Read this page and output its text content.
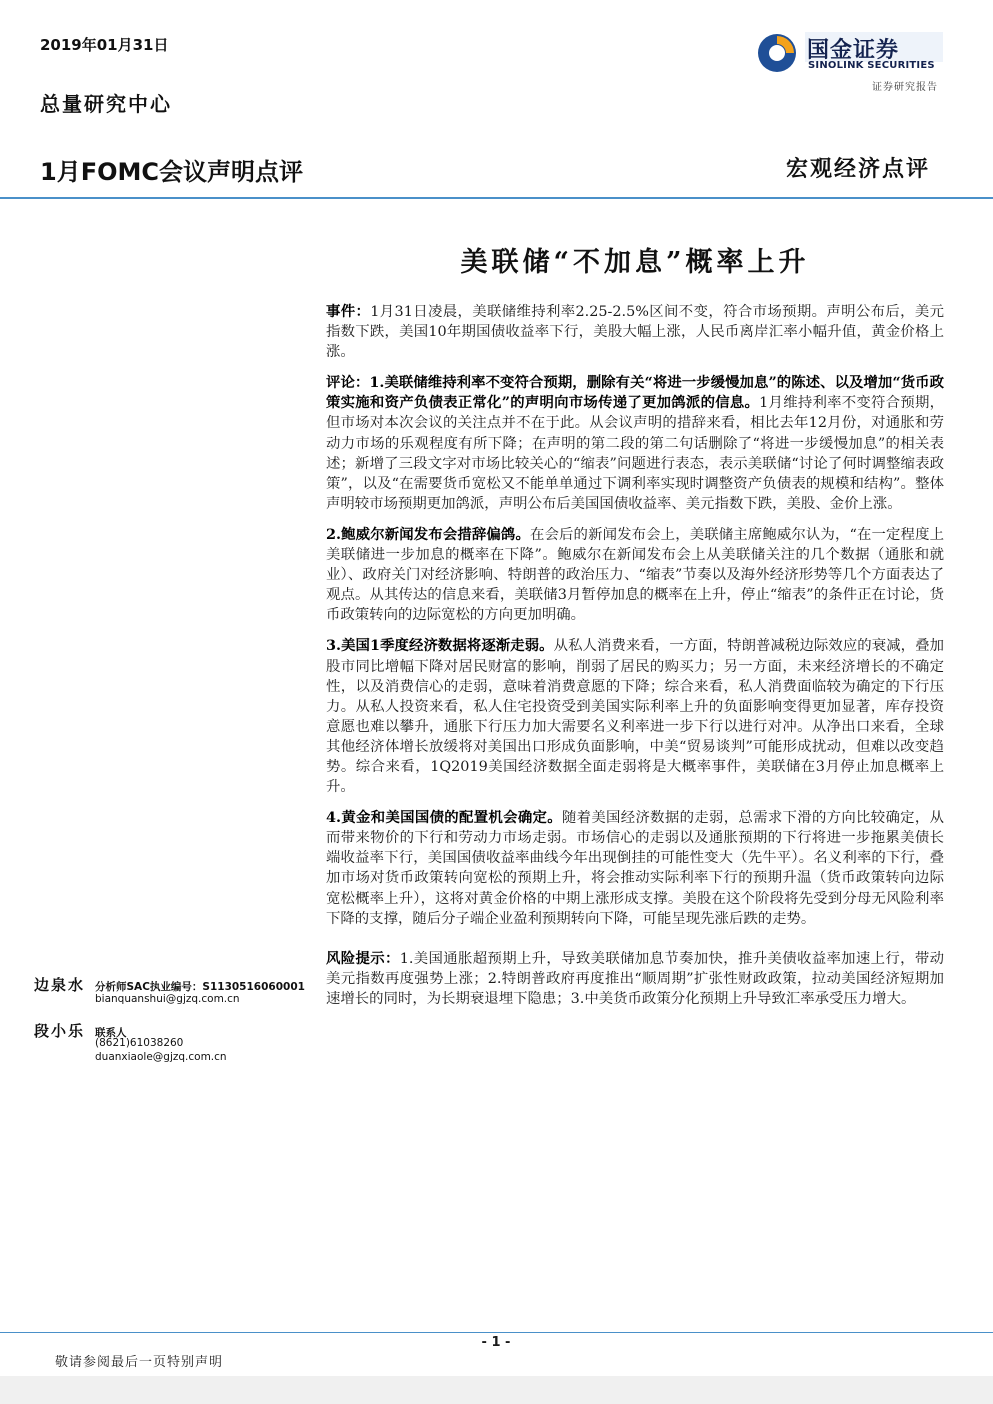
2019年01月31日
总量研究中心
国金证券
SINOLINK SECURITIES
证券研究报告
1月FOMC会议声明点评	宏观经济点评
美联储“不加息”概率上升

事件：1月31日凌晨，美联储维持利率2.25-2.5%区间不变，符合市场预期。声明公布后，美元指数下跌，美国10年期国债收益率下行，美股大幅上涨，人民币离岸汇率小幅升值，黄金价格上涨。

评论：1.美联储维持利率不变符合预期，删除有关“将进一步缓慢加息”的陈述、以及增加“货币政策实施和资产负债表正常化”的声明向市场传递了更加鸽派的信息。1月维持利率不变符合预期，但市场对本次会议的关注点并不在于此。从会议声明的措辞来看，相比去年12月份，对通胀和劳动力市场的乐观程度有所下降；在声明的第二段的第二句话删除了“将进一步缓慢加息”的相关表述；新增了三段文字对市场比较关心的“缩表”问题进行表态，表示美联储“讨论了何时调整缩表政策”，以及“在需要货币宽松又不能单单通过下调利率实现时调整资产负债表的规模和结构”。整体声明较市场预期更加鸽派，声明公布后美国国债收益率、美元指数下跌，美股、金价上涨。

2.鲍威尔新闻发布会措辞偏鸽。在会后的新闻发布会上，美联储主席鲍威尔认为，“在一定程度上美联储进一步加息的概率在下降”。鲍威尔在新闻发布会上从美联储关注的几个数据（通胀和就业）、政府关门对经济影响、特朗普的政治压力、“缩表”节奏以及海外经济形势等几个方面表达了观点。从其传达的信息来看，美联储3月暂停加息的概率在上升，停止“缩表”的条件正在讨论，货币政策转向的边际宽松的方向更加明确。

3.美国1季度经济数据将逐渐走弱。从私人消费来看，一方面，特朗普减税边际效应的衰减，叠加股市同比增幅下降对居民财富的影响，削弱了居民的购买力；另一方面，未来经济增长的不确定性，以及消费信心的走弱，意味着消费意愿的下降；综合来看，私人消费面临较为确定的下行压力。从私人投资来看，私人住宅投资受到美国实际利率上升的负面影响变得更加显著，库存投资意愿也难以攀升，通胀下行压力加大需要名义利率进一步下行以进行对冲。从净出口来看，全球其他经济体增长放缓将对美国出口形成负面影响，中美“贸易谈判”可能形成扰动，但难以改变趋势。综合来看，1Q2019美国经济数据全面走弱将是大概率事件，美联储在3月停止加息概率上升。

4.黄金和美国国债的配置机会确定。随着美国经济数据的走弱，总需求下滑的方向比较确定，从而带来物价的下行和劳动力市场走弱。市场信心的走弱以及通胀预期的下行将进一步拖累美债长端收益率下行，美国国债收益率曲线今年出现倒挂的可能性变大（先牛平）。名义利率的下行，叠加市场对货币政策转向宽松的预期上升，将会推动实际利率下行的预期升温（货币政策转向边际宽松概率上升），这将对黄金价格的中期上涨形成支撑。美股在这个阶段将先受到分母无风险利率下降的支撑，随后分子端企业盈利预期转向下降，可能呈现先涨后跌的走势。

风险提示：1.美国通胀超预期上升，导致美联储加息节奏加快，推升美债收益率加速上行，带动美元指数再度强势上涨；2.特朗普政府再度推出“顺周期”扩张性财政政策，拉动美国经济短期加速增长的同时，为长期衰退埋下隐患；3.中美货币政策分化预期上升导致汇率承受压力增大。

边泉水 分析师SAC执业编号：S1130516060001
bianquanshui@gjzq.com.cn
段小乐 联系人
(8621)61038260
duanxiaole@gjzq.com.cn
- 1 -
敬请参阅最后一页特别声明
